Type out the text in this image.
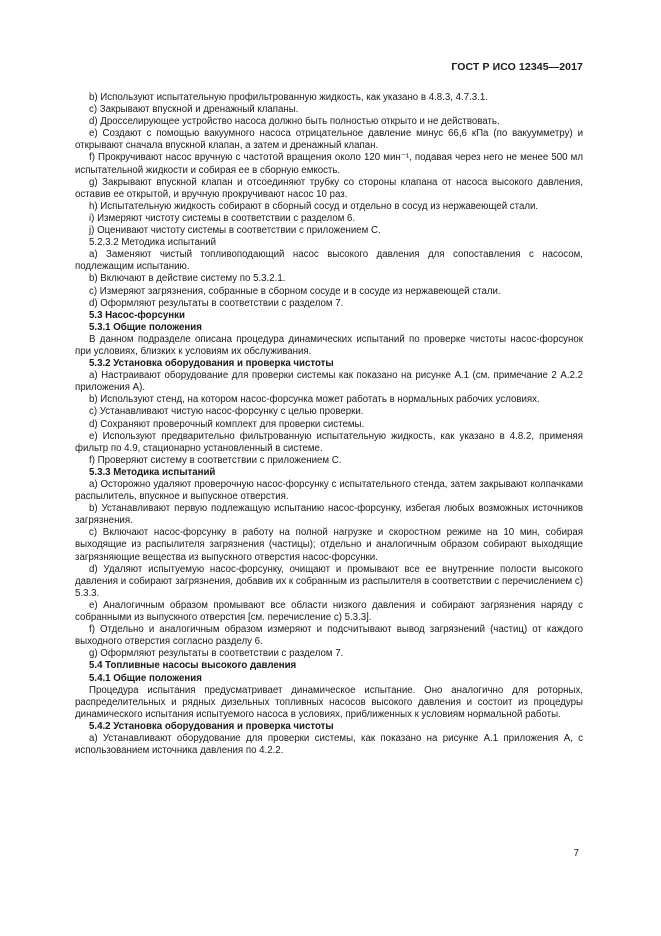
ГОСТ Р ИСО 12345—2017

b) Используют испытательную профильтрованную жидкость, как указано в 4.8.3, 4.7.3.1.

c) Закрывают впускной и дренажный клапаны.

d) Дросселирующее устройство насоса должно быть полностью открыто и не действовать.

e) Создают с помощью вакуумного насоса отрицательное давление минус 66,6 кПа (по вакуумметру) и открывают сначала впускной клапан, а затем и дренажный клапан.

f) Прокручивают насос вручную с частотой вращения около 120 мин⁻¹, подавая через него не менее 500 мл испытательной жидкости и собирая ее в сборную емкость.

g) Закрывают впускной клапан и отсоединяют трубку со стороны клапана от насоса высокого давления, оставив ее открытой, и вручную прокручивают насос 10 раз.

h) Испытательную жидкость собирают в сборный сосуд и отдельно в сосуд из нержавеющей стали.

i) Измеряют чистоту системы в соответствии с разделом 6.

j) Оценивают чистоту системы в соответствии с приложением С.

5.2.3.2 Методика испытаний

a) Заменяют чистый топливоподающий насос высокого давления для сопоставления с насосом, подлежащим испытанию.

b) Включают в действие систему по 5.3.2.1.

c) Измеряют загрязнения, собранные в сборном сосуде и в сосуде из нержавеющей стали.

d) Оформляют результаты в соответствии с разделом 7.

5.3 Насос-форсунки

5.3.1 Общие положения

В данном подразделе описана процедура динамических испытаний по проверке чистоты насос-форсунок при условиях, близких к условиям их обслуживания.

5.3.2 Установка оборудования и проверка чистоты

a) Настраивают оборудование для проверки системы как показано на рисунке А.1 (см. примечание 2 А.2.2 приложения А).

b) Используют стенд, на котором насос-форсунка может работать в нормальных рабочих условиях.

c) Устанавливают чистую насос-форсунку с целью проверки.

d) Сохраняют проверочный комплект для проверки системы.

e) Используют предварительно фильтрованную испытательную жидкость, как указано в 4.8.2, применяя фильтр по 4.9, стационарно установленный в системе.

f) Проверяют систему в соответствии с приложением С.

5.3.3 Методика испытаний

a) Осторожно удаляют проверочную насос-форсунку с испытательного стенда, затем закрывают колпачками распылитель, впускное и выпускное отверстия.

b) Устанавливают первую подлежащую испытанию насос-форсунку, избегая любых возможных источников загрязнения.

c) Включают насос-форсунку в работу на полной нагрузке и скоростном режиме на 10 мин, собирая выходящие из распылителя загрязнения (частицы); отдельно и аналогичным образом собирают выходящие загрязняющие вещества из выпускного отверстия насос-форсунки.

d) Удаляют испытуемую насос-форсунку, очищают и промывают все ее внутренние полости высокого давления и собирают загрязнения, добавив их к собранным из распылителя в соответствии с перечислением с) 5.3.3.

e) Аналогичным образом промывают все области низкого давления и собирают загрязнения наряду с собранными из выпускного отверстия [см. перечисление с) 5.3.3].

f) Отдельно и аналогичным образом измеряют и подсчитывают вывод загрязнений (частиц) от каждого выходного отверстия согласно разделу 6.

g) Оформляют результаты в соответствии с разделом 7.

5.4 Топливные насосы высокого давления

5.4.1 Общие положения

Процедура испытания предусматривает динамическое испытание. Оно аналогично для роторных, распределительных и рядных дизельных топливных насосов высокого давления и состоит из процедуры динамического испытания испытуемого насоса в условиях, приближенных к условиям нормальной работы.

5.4.2 Установка оборудования и проверка чистоты

a) Устанавливают оборудование для проверки системы, как показано на рисунке А.1 приложения А, с использованием источника давления по 4.2.2.

7
